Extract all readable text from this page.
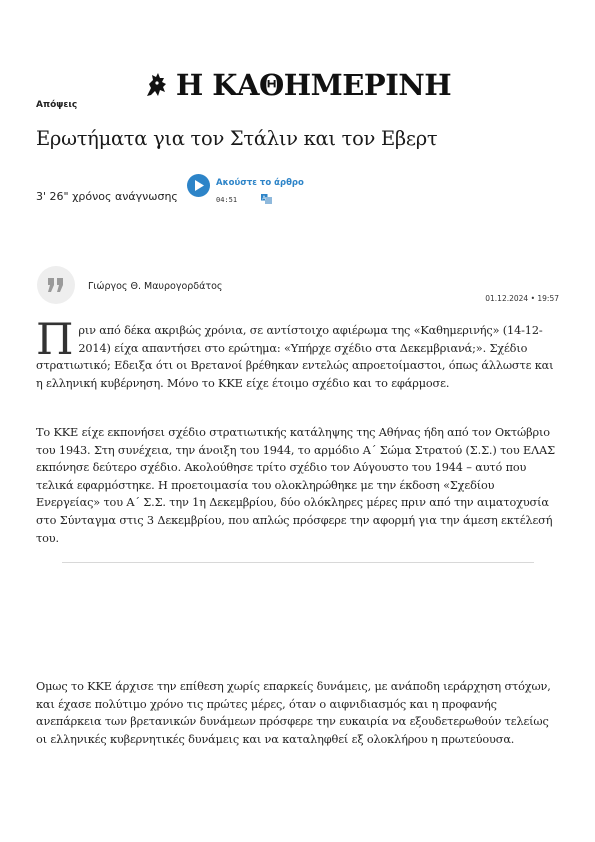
Η ΚΑΘΗΜΕΡΙΝΗ
Απόψεις
Ερωτήματα για τον Στάλιν και τον Εβερτ
3' 26" χρόνος ανάγνωσης
Ακούστε το άρθρο
04:51	A
Γιώργος Θ. Μαυρογορδάτος
01.12.2024 • 19:57

Πριν από δέκα ακριβώς χρόνια, σε αντίστοιχο αφιέρωμα της «Καθημερινής» (14-12-2014) είχα απαντήσει στο ερώτημα: «Υπήρχε σχέδιο στα Δεκεμβριανά;». Σχέδιο στρατιωτικό; Εδειξα ότι οι Βρετανοί βρέθηκαν εντελώς απροετοίμαστοι, όπως άλλωστε και η ελληνική κυβέρνηση. Μόνο το ΚΚΕ είχε έτοιμο σχέδιο και το εφάρμοσε.

Το ΚΚΕ είχε εκπονήσει σχέδιο στρατιωτικής κατάληψης της Αθήνας ήδη από τον Οκτώβριο του 1943. Στη συνέχεια, την άνοιξη του 1944, το αρμόδιο Α΄ Σώμα Στρατού (Σ.Σ.) του ΕΛΑΣ εκπόνησε δεύτερο σχέδιο. Ακολούθησε τρίτο σχέδιο τον Αύγουστο του 1944 – αυτό που τελικά εφαρμόστηκε. Η προετοιμασία του ολοκληρώθηκε με την έκδοση «Σχεδίου Ενεργείας» του Α΄ Σ.Σ. την 1η Δεκεμβρίου, δύο ολόκληρες μέρες πριν από την αιματοχυσία στο Σύνταγμα στις 3 Δεκεμβρίου, που απλώς πρόσφερε την αφορμή για την άμεση εκτέλεσή του.

Ομως το ΚΚΕ άρχισε την επίθεση χωρίς επαρκείς δυνάμεις, με ανάποδη ιεράρχηση στόχων, και έχασε πολύτιμο χρόνο τις πρώτες μέρες, όταν ο αιφνιδιασμός και η προφανής ανεπάρκεια των βρετανικών δυνάμεων πρόσφερε την ευκαιρία να εξουδετερωθούν τελείως οι ελληνικές κυβερνητικές δυνάμεις και να καταληφθεί εξ ολοκλήρου η πρωτεύουσα.
